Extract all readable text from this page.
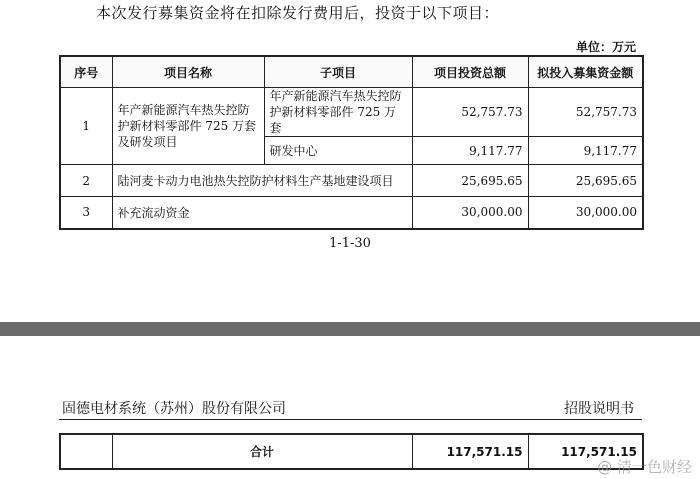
本次发行募集资金将在扣除发行费用后，投资于以下项目：
单位：万元
序号	项目名称	子项目	项目投资总额	拟投入募集资金额
1	年产新能源汽车热失控防护新材料零部件 725 万套及研发项目	年产新能源汽车热失控防护新材料零部件 725 万套	52,757.73	52,757.73
		研发中心	9,117.77	9,117.77
2	陆河麦卡动力电池热失控防护材料生产基地建设项目		25,695.65	25,695.65
3	补充流动资金		30,000.00	30,000.00
1-1-30
固德电材系统（苏州）股份有限公司	招股说明书
	合计	117,571.15	117,571.15
@ 清一色财经
